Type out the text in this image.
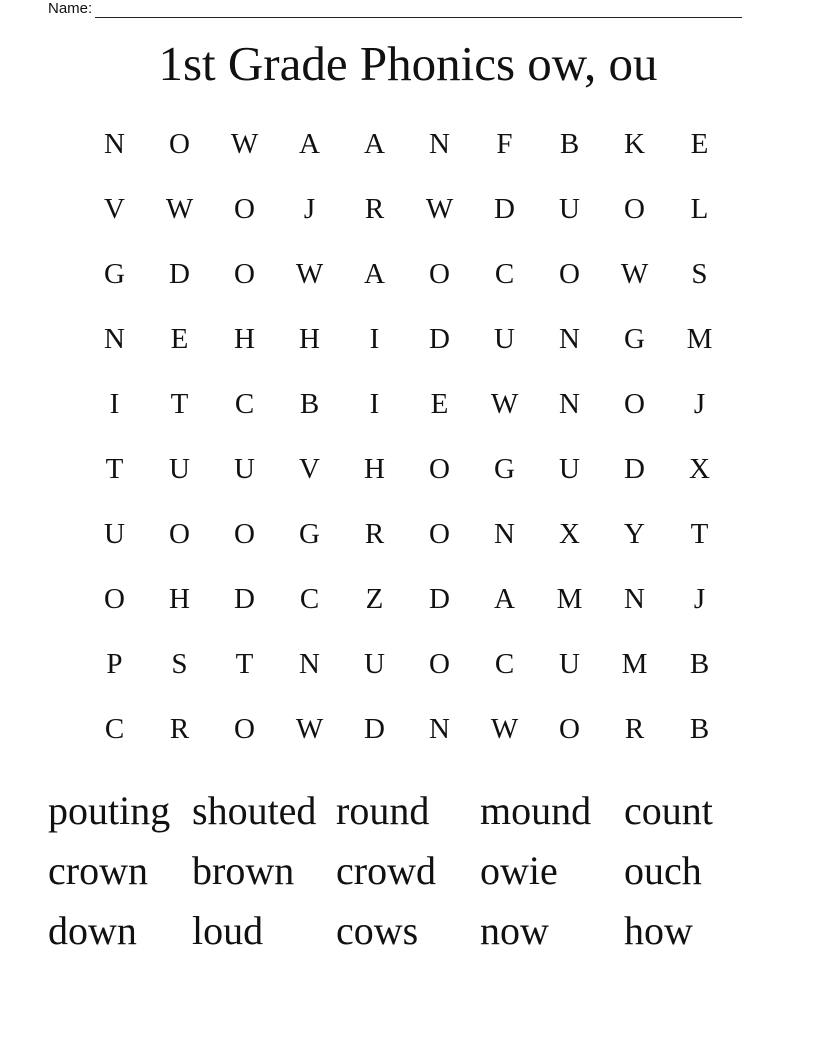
Name:
1st Grade Phonics ow, ou
N	O	W	A	A	N	F	B	K	E
V	W	O	J	R	W	D	U	O	L
G	D	O	W	A	O	C	O	W	S
N	E	H	H	I	D	U	N	G	M
I	T	C	B	I	E	W	N	O	J
T	U	U	V	H	O	G	U	D	X
U	O	O	G	R	O	N	X	Y	T
O	H	D	C	Z	D	A	M	N	J
P	S	T	N	U	O	C	U	M	B
C	R	O	W	D	N	W	O	R	B
pouting shouted round	mound count
crown	brown	crowd	owie	ouch
down	loud	cows	now	how
